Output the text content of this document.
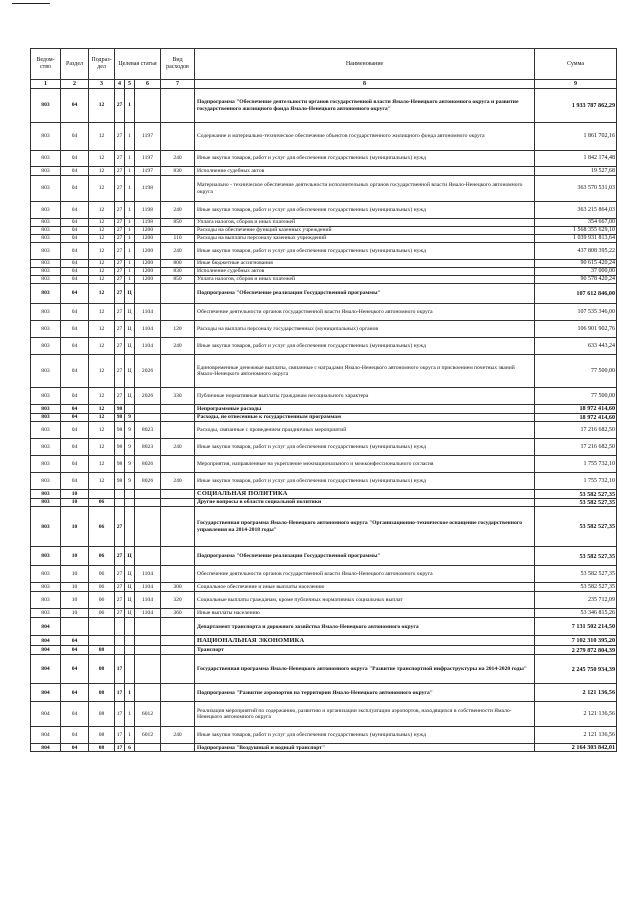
Ведом-ство	Раздел	Подраз-дел	Целевая статья			Вид расходов	Наименование	Сумма
1	2	3	4	5	6	7	8	9
803	04	12	27	1			Подпрограмма "Обеспечение деятельности органов государственной власти Ямало-Ненецкого автономного округа и развитие государственного жилищного фонда Ямало-Ненецкого автономного округа"	1 933 787 862,29
803	04	12	27	1	1197		Содержание и материально-техническое обеспечение объектов государственного жилищного фонда автономного округа	1 861 702,16
803	04	12	27	1	1197	240	Иные закупки товаров, работ и услуг для обеспечения государственных (муниципальных) нужд	1 842 174,48
803	04	12	27	1	1197	830	Исполнение судебных актов	19 527,68
803	04	12	27	1	1198		Материально - техническое обеспечение деятельности исполнительных органов государственной власти Ямало-Ненецкого автономного округа	363 570 531,03
803	04	12	27	1	1198	240	Иные закупки товаров, работ и услуг для обеспечения государственных (муниципальных) нужд	363 215 864,03
803	04	12	27	1	1198	850	Уплата налогов, сборов и иных платежей	354 667,00
803	04	12	27	1	1200		Расходы на обеспечение функций казенных учреждений	1 568 355 629,10
803	04	12	27	1	1200	110	Расходы на выплаты персоналу казенных учреждений	1 039 931 813,64
803	04	12	27	1	1200	240	Иные закупки товаров, работ и услуг для обеспечения государственных (муниципальных) нужд	437 808 395,22
803	04	12	27	1	1200	800	Иные бюджетные ассигнования	90 615 420,24
803	04	12	27	1	1200	830	Исполнение судебных актов	37 000,00
803	04	12	27	1	1200	850	Уплата налогов, сборов и иных платежей	90 578 420,24
803	04	12	27	Ц			Подпрограмма "Обеспечение реализации Государственной программы"	107 612 846,00
803	04	12	27	Ц	1104		Обеспечение деятельности органов государственной власти Ямало-Ненецкого автономного округа	107 535 346,00
803	04	12	27	Ц	1104	120	Расходы на выплаты персоналу государственных (муниципальных) органов	106 901 902,76
803	04	12	27	Ц	1104	240	Иные закупки товаров, работ и услуг для обеспечения государственных (муниципальных) нужд	633 443,24
803	04	12	27	Ц	2026		Единовременные денежные выплаты, связанные с наградами Ямало-Ненецкого автономного округа и присвоением почетных званий Ямало-Ненецкого автономного округа	77 500,00
803	04	12	27	Ц	2026	330	Публичные нормативные выплаты гражданам несоциального характера	77 500,00
803	04	12	98				Непрограммные расходы	18 972 414,60
803	04	12	98	9			Расходы, не отнесенные к государственным программам	18 972 414,60
803	04	12	98	9	8023		Расходы, связанные с проведением праздничных мероприятий	17 216 682,50
803	04	12	98	9	8023	240	Иные закупки товаров, работ и услуг для обеспечения государственных (муниципальных) нужд	17 216 682,50
803	04	12	98	9	8026		Мероприятия, направленные на укрепление межнационального и межконфессионального согласия	1 755 732,10
803	04	12	98	9	8026	240	Иные закупки товаров, работ и услуг для обеспечения государственных (муниципальных) нужд	1 755 732,10
803	10						СОЦИАЛЬНАЯ ПОЛИТИКА	53 582 527,35
803	10	06					Другие вопросы в области социальной политики	53 582 527,35
803	10	06	27				Государственная программа Ямало-Ненецкого автономного округа "Организационно-техническое оснащение государственного управления на 2014-2018 годы"	53 582 527,35
803	10	06	27	Ц			Подпрограмма "Обеспечение реализации Государственной программы"	53 582 527,35
803	10	06	27	Ц	1104		Обеспечение деятельности органов государственной власти Ямало-Ненецкого автономного округа	53 582 527,35
803	10	06	27	Ц	1104	300	Социальное обеспечение и иные выплаты населению	53 582 527,35
803	10	06	27	Ц	1104	320	Социальные выплаты гражданам, кроме публичных нормативных социальных выплат	235 712,09
803	10	06	27	Ц	1104	360	Иные выплаты населению	53 346 815,26
804							Департамент транспорта и дорожного хозяйства Ямало-Ненецкого автономного округа	7 131 502 214,50
804	04						НАЦИОНАЛЬНАЯ ЭКОНОМИКА	7 102 310 395,20
804	04	08					Транспорт	2 279 872 804,39
804	04	08	17				Государственная программа Ямало-Ненецкого автономного округа "Развитие транспортной инфраструктуры на 2014-2020 годы"	2 245 750 934,39
804	04	08	17	1			Подпрограмма "Развитие аэропортов на территории Ямало-Ненецкого автономного округа"	2 121 136,56
804	04	08	17	1	6012		Реализация мероприятий по содержанию, развитию и организации эксплуатации аэропортов, находящихся в собственности Ямало-Ненецкого автономного округа	2 121 136,56
804	04	08	17	1	6012	240	Иные закупки товаров, работ и услуг для обеспечения государственных (муниципальных) нужд	2 121 136,56
804	04	08	17	6			Подпрограмма "Воздушный и водный транспорт"	2 164 303 842,01
